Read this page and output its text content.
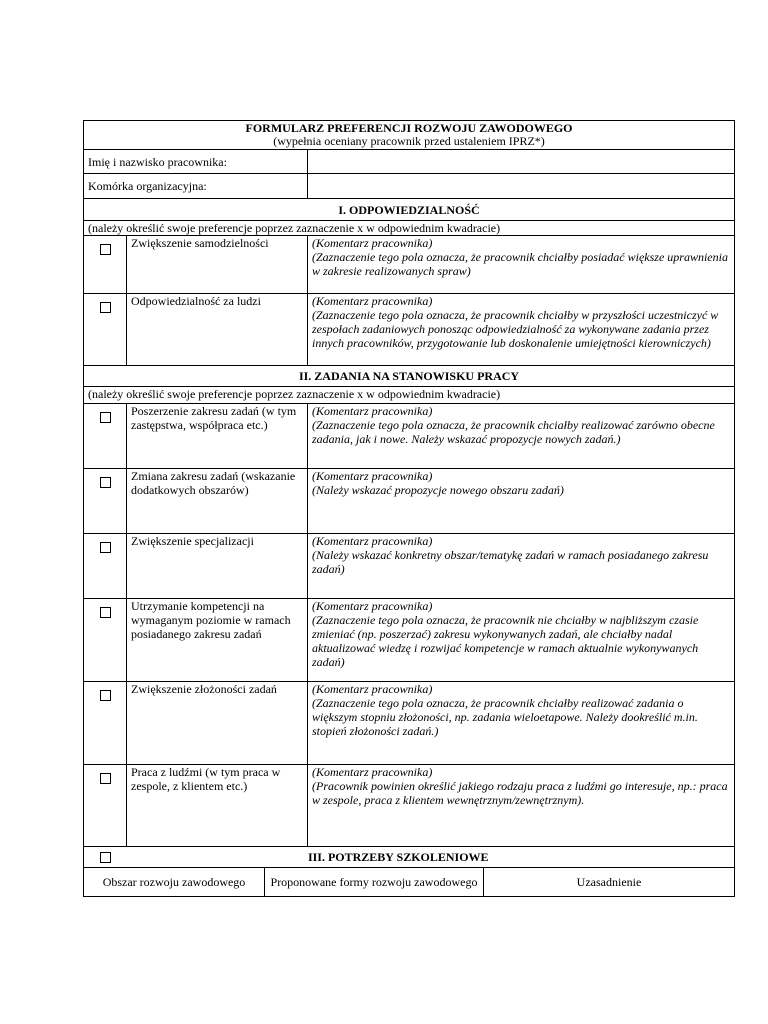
FORMULARZ PREFERENCJI ROZWOJU ZAWODOWEGO
(wypełnia oceniany pracownik przed ustaleniem IPRZ*)		

Imię i nazwisko pracownika:		
Komórka organizacyjna:		
I. ODPOWIEDZIALNOŚĆ		
(należy określić swoje preferencje poprzez zaznaczenie x w odpowiednim kwadracie)		
	Zwiększenie samodzielności	(Komentarz pracownika)
(Zaznaczenie tego pola oznacza, że pracownik chciałby posiadać większe uprawnienia w zakresie realizowanych spraw)

	Odpowiedzialność za ludzi	(Komentarz pracownika)
(Zaznaczenie tego pola oznacza, że pracownik chciałby w przyszłości uczestniczyć w zespołach zadaniowych ponosząc odpowiedzialność za wykonywane zadania przez innych pracowników, przygotowanie lub doskonalenie umiejętności kierowniczych)

II. ZADANIA NA STANOWISKU PRACY		
(należy określić swoje preferencje poprzez zaznaczenie x w odpowiednim kwadracie)		
	Poszerzenie zakresu zadań (w tym zastępstwa, współpraca etc.)	(Komentarz pracownika)
(Zaznaczenie tego pola oznacza, że pracownik chciałby realizować zarówno obecne zadania, jak i nowe. Należy wskazać propozycje nowych zadań.)

	Zmiana zakresu zadań (wskazanie dodatkowych obszarów)	(Komentarz pracownika)
(Należy wskazać propozycje nowego obszaru zadań)

	Zwiększenie specjalizacji	(Komentarz pracownika)
(Należy wskazać konkretny obszar/tematykę zadań w ramach posiadanego zakresu zadań)

	Utrzymanie kompetencji na wymaganym poziomie w ramach posiadanego zakresu zadań	(Komentarz pracownika)
(Zaznaczenie tego pola oznacza, że pracownik nie chciałby w najbliższym czasie zmieniać (np. poszerzać) zakresu wykonywanych zadań, ale chciałby nadal aktualizować wiedzę i rozwijać kompetencje w ramach aktualnie wykonywanych zadań)

	Zwiększenie złożoności zadań	(Komentarz pracownika)
(Zaznaczenie tego pola oznacza, że pracownik chciałby realizować zadania o większym stopniu złożoności, np. zadania wieloetapowe. Należy dookreślić m.in. stopień złożoności zadań.)

	Praca z ludźmi (w tym praca w zespole, z klientem etc.)	(Komentarz pracownika)
(Pracownik powinien określić jakiego rodzaju praca z ludźmi go interesuje, np.: praca w zespole, praca z klientem wewnętrznym/zewnętrznym).

	III. POTRZEBY SZKOLENIOWE	
Obszar rozwoju zawodowego	Proponowane formy rozwoju zawodowego	Uzasadnienie
